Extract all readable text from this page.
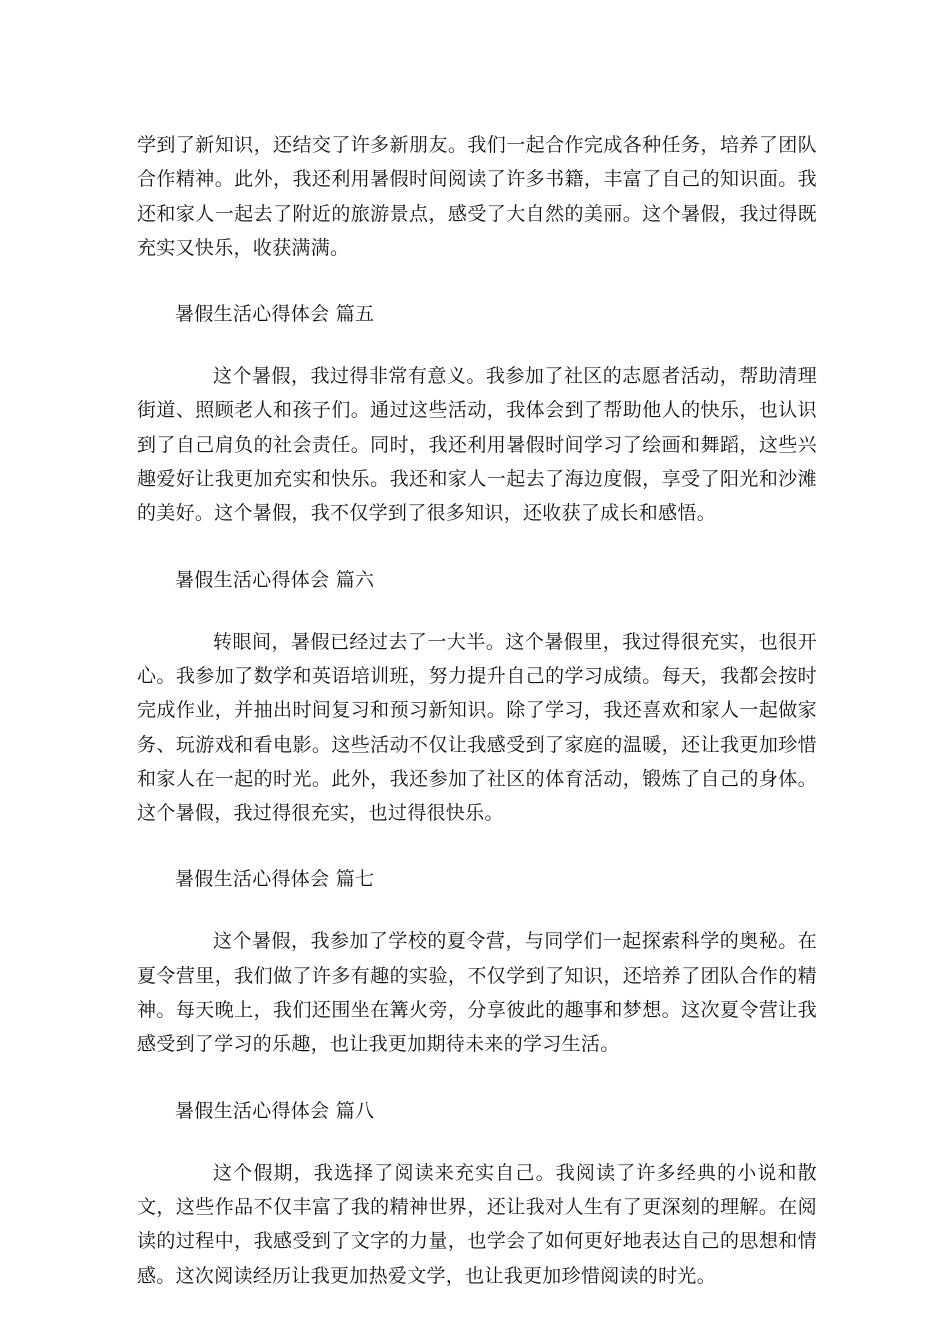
学到了新知识，还结交了许多新朋友。我们一起合作完成各种任务，培养了团队合作精神。此外，我还利用暑假时间阅读了许多书籍，丰富了自己的知识面。我还和家人一起去了附近的旅游景点，感受了大自然的美丽。这个暑假，我过得既充实又快乐，收获满满。

暑假生活心得体会 篇五

这个暑假，我过得非常有意义。我参加了社区的志愿者活动，帮助清理街道、照顾老人和孩子们。通过这些活动，我体会到了帮助他人的快乐，也认识到了自己肩负的社会责任。同时，我还利用暑假时间学习了绘画和舞蹈，这些兴趣爱好让我更加充实和快乐。我还和家人一起去了海边度假，享受了阳光和沙滩的美好。这个暑假，我不仅学到了很多知识，还收获了成长和感悟。

暑假生活心得体会 篇六

转眼间，暑假已经过去了一大半。这个暑假里，我过得很充实，也很开心。我参加了数学和英语培训班，努力提升自己的学习成绩。每天，我都会按时完成作业，并抽出时间复习和预习新知识。除了学习，我还喜欢和家人一起做家务、玩游戏和看电影。这些活动不仅让我感受到了家庭的温暖，还让我更加珍惜和家人在一起的时光。此外，我还参加了社区的体育活动，锻炼了自己的身体。这个暑假，我过得很充实，也过得很快乐。

暑假生活心得体会 篇七

这个暑假，我参加了学校的夏令营，与同学们一起探索科学的奥秘。在夏令营里，我们做了许多有趣的实验，不仅学到了知识，还培养了团队合作的精神。每天晚上，我们还围坐在篝火旁，分享彼此的趣事和梦想。这次夏令营让我感受到了学习的乐趣，也让我更加期待未来的学习生活。

暑假生活心得体会 篇八

这个假期，我选择了阅读来充实自己。我阅读了许多经典的小说和散文，这些作品不仅丰富了我的精神世界，还让我对人生有了更深刻的理解。在阅读的过程中，我感受到了文字的力量，也学会了如何更好地表达自己的思想和情感。这次阅读经历让我更加热爱文学，也让我更加珍惜阅读的时光。
